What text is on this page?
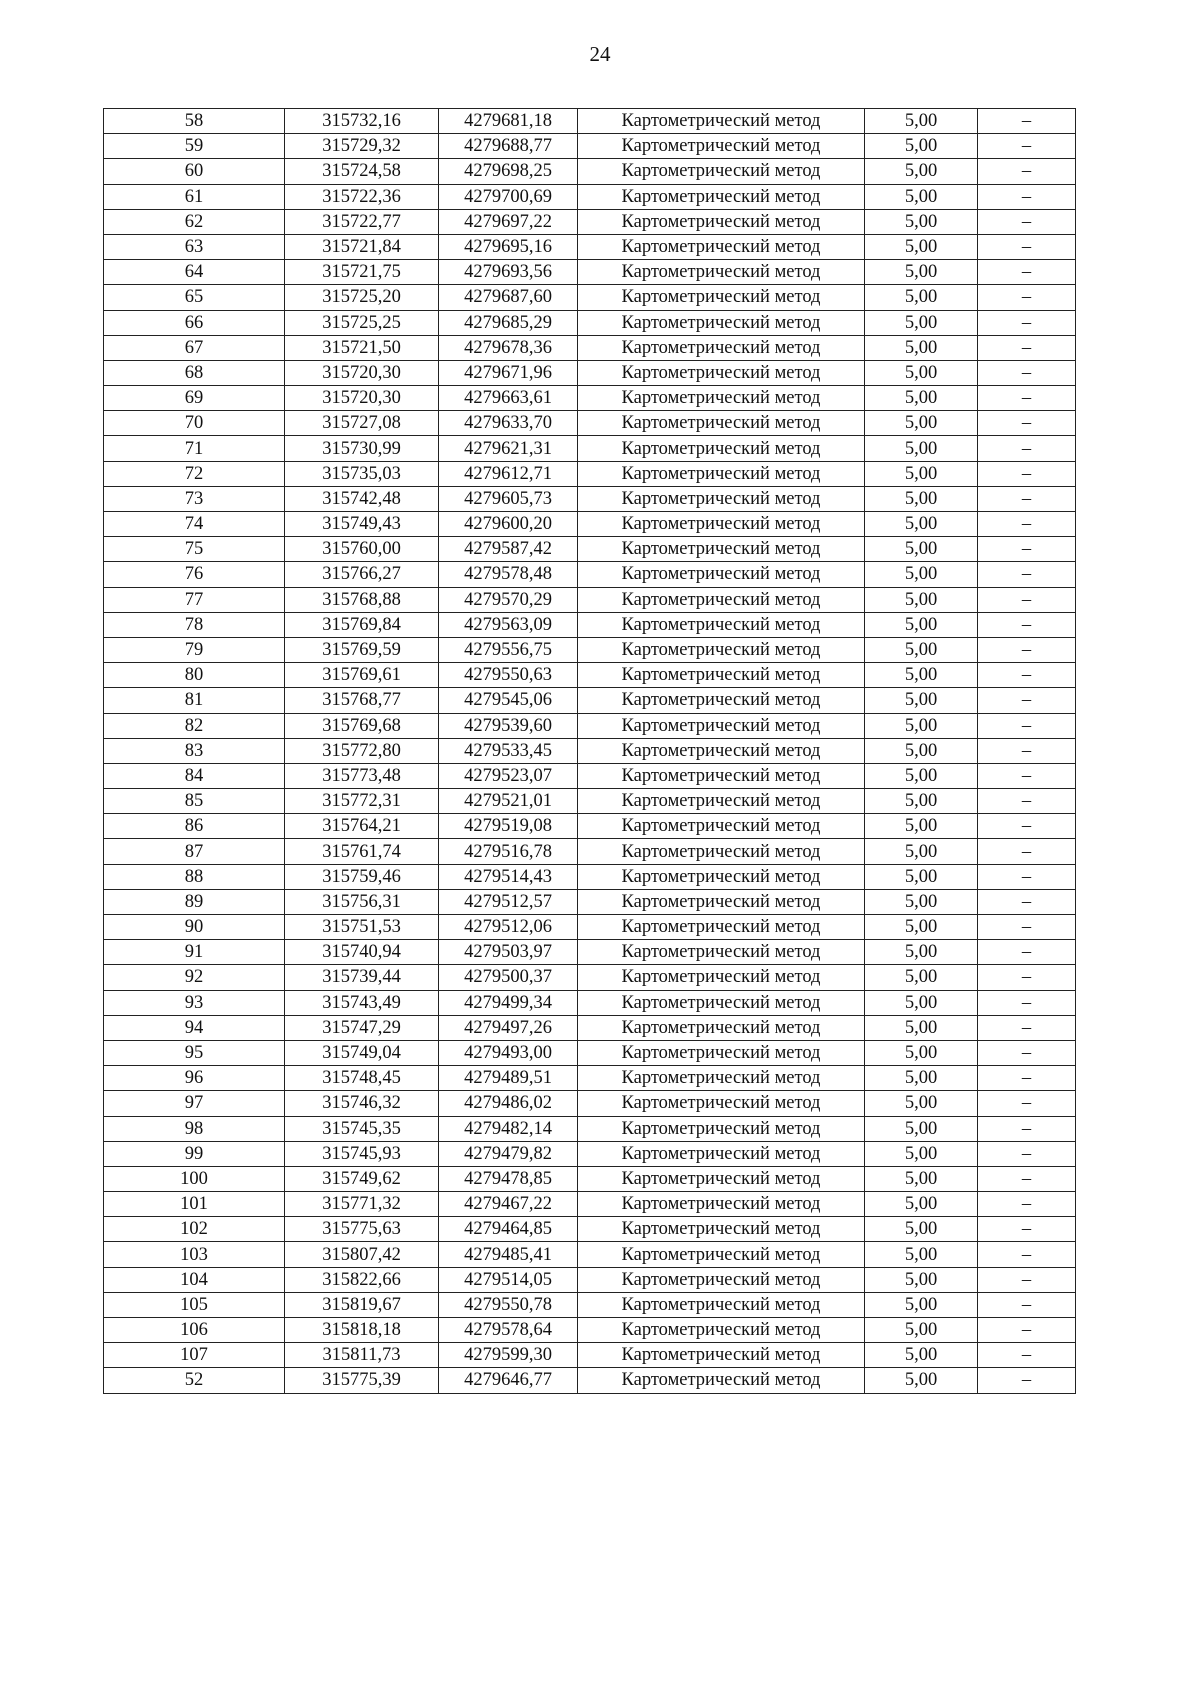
24
58	315732,16	4279681,18	Картометрический метод	5,00	–
59	315729,32	4279688,77	Картометрический метод	5,00	–
60	315724,58	4279698,25	Картометрический метод	5,00	–
61	315722,36	4279700,69	Картометрический метод	5,00	–
62	315722,77	4279697,22	Картометрический метод	5,00	–
63	315721,84	4279695,16	Картометрический метод	5,00	–
64	315721,75	4279693,56	Картометрический метод	5,00	–
65	315725,20	4279687,60	Картометрический метод	5,00	–
66	315725,25	4279685,29	Картометрический метод	5,00	–
67	315721,50	4279678,36	Картометрический метод	5,00	–
68	315720,30	4279671,96	Картометрический метод	5,00	–
69	315720,30	4279663,61	Картометрический метод	5,00	–
70	315727,08	4279633,70	Картометрический метод	5,00	–
71	315730,99	4279621,31	Картометрический метод	5,00	–
72	315735,03	4279612,71	Картометрический метод	5,00	–
73	315742,48	4279605,73	Картометрический метод	5,00	–
74	315749,43	4279600,20	Картометрический метод	5,00	–
75	315760,00	4279587,42	Картометрический метод	5,00	–
76	315766,27	4279578,48	Картометрический метод	5,00	–
77	315768,88	4279570,29	Картометрический метод	5,00	–
78	315769,84	4279563,09	Картометрический метод	5,00	–
79	315769,59	4279556,75	Картометрический метод	5,00	–
80	315769,61	4279550,63	Картометрический метод	5,00	–
81	315768,77	4279545,06	Картометрический метод	5,00	–
82	315769,68	4279539,60	Картометрический метод	5,00	–
83	315772,80	4279533,45	Картометрический метод	5,00	–
84	315773,48	4279523,07	Картометрический метод	5,00	–
85	315772,31	4279521,01	Картометрический метод	5,00	–
86	315764,21	4279519,08	Картометрический метод	5,00	–
87	315761,74	4279516,78	Картометрический метод	5,00	–
88	315759,46	4279514,43	Картометрический метод	5,00	–
89	315756,31	4279512,57	Картометрический метод	5,00	–
90	315751,53	4279512,06	Картометрический метод	5,00	–
91	315740,94	4279503,97	Картометрический метод	5,00	–
92	315739,44	4279500,37	Картометрический метод	5,00	–
93	315743,49	4279499,34	Картометрический метод	5,00	–
94	315747,29	4279497,26	Картометрический метод	5,00	–
95	315749,04	4279493,00	Картометрический метод	5,00	–
96	315748,45	4279489,51	Картометрический метод	5,00	–
97	315746,32	4279486,02	Картометрический метод	5,00	–
98	315745,35	4279482,14	Картометрический метод	5,00	–
99	315745,93	4279479,82	Картометрический метод	5,00	–
100	315749,62	4279478,85	Картометрический метод	5,00	–
101	315771,32	4279467,22	Картометрический метод	5,00	–
102	315775,63	4279464,85	Картометрический метод	5,00	–
103	315807,42	4279485,41	Картометрический метод	5,00	–
104	315822,66	4279514,05	Картометрический метод	5,00	–
105	315819,67	4279550,78	Картометрический метод	5,00	–
106	315818,18	4279578,64	Картометрический метод	5,00	–
107	315811,73	4279599,30	Картометрический метод	5,00	–
52	315775,39	4279646,77	Картометрический метод	5,00	–
